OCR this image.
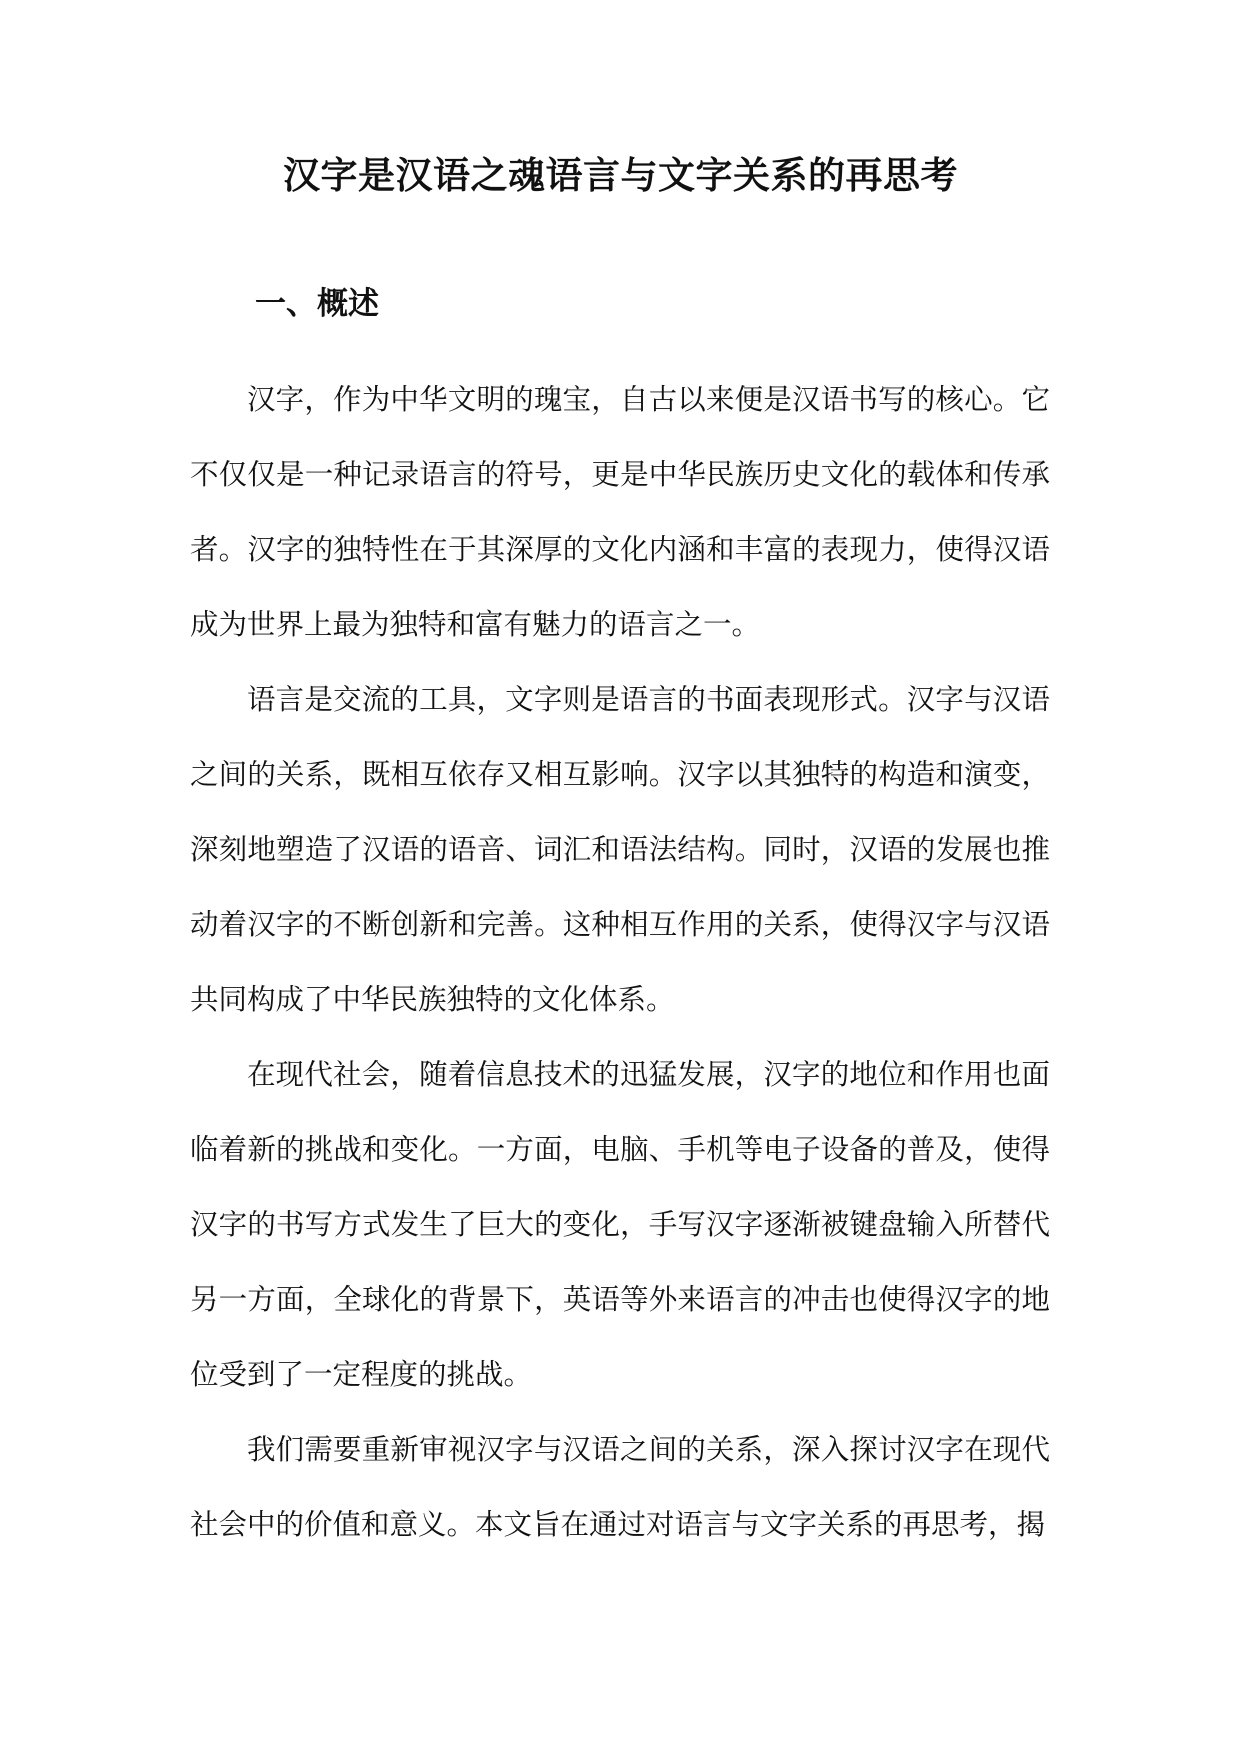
汉字是汉语之魂语言与文字关系的再思考
一、概述

汉字，作为中华文明的瑰宝，自古以来便是汉语书写的核心。它不仅仅是一种记录语言的符号，更是中华民族历史文化的载体和传承者。汉字的独特性在于其深厚的文化内涵和丰富的表现力，使得汉语成为世界上最为独特和富有魅力的语言之一。

语言是交流的工具，文字则是语言的书面表现形式。汉字与汉语之间的关系，既相互依存又相互影响。汉字以其独特的构造和演变，深刻地塑造了汉语的语音、词汇和语法结构。同时，汉语的发展也推动着汉字的不断创新和完善。这种相互作用的关系，使得汉字与汉语共同构成了中华民族独特的文化体系。

在现代社会，随着信息技术的迅猛发展，汉字的地位和作用也面临着新的挑战和变化。一方面，电脑、手机等电子设备的普及，使得汉字的书写方式发生了巨大的变化，手写汉字逐渐被键盘输入所替代另一方面，全球化的背景下，英语等外来语言的冲击也使得汉字的地位受到了一定程度的挑战。

我们需要重新审视汉字与汉语之间的关系，深入探讨汉字在现代社会中的价值和意义。本文旨在通过对语言与文字关系的再思考，揭
